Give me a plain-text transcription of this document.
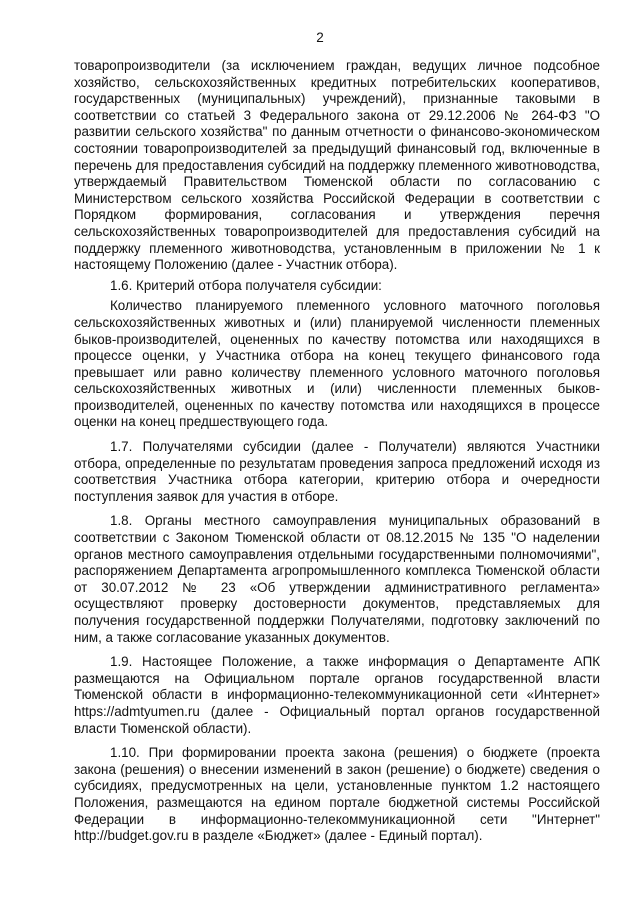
2

товаропроизводители (за исключением граждан, ведущих личное подсобное хозяйство, сельскохозяйственных кредитных потребительских кооперативов, государственных (муниципальных) учреждений), признанные таковыми в соответствии со статьей 3 Федерального закона от 29.12.2006 № 264-ФЗ "О развитии сельского хозяйства" по данным отчетности о финансово-экономическом состоянии товаропроизводителей за предыдущий финансовый год, включенные в перечень для предоставления субсидий на поддержку племенного животноводства, утверждаемый Правительством Тюменской области по согласованию с Министерством сельского хозяйства Российской Федерации в соответствии с Порядком формирования, согласования и утверждения перечня сельскохозяйственных товаропроизводителей для предоставления субсидий на поддержку племенного животноводства, установленным в приложении № 1 к настоящему Положению (далее - Участник отбора).

1.6. Критерий отбора получателя субсидии:

Количество планируемого племенного условного маточного поголовья сельскохозяйственных животных и (или) планируемой численности племенных быков-производителей, оцененных по качеству потомства или находящихся в процессе оценки, у Участника отбора на конец текущего финансового года превышает или равно количеству племенного условного маточного поголовья сельскохозяйственных животных и (или) численности племенных быков-производителей, оцененных по качеству потомства или находящихся в процессе оценки на конец предшествующего года.

1.7. Получателями субсидии (далее - Получатели) являются Участники отбора, определенные по результатам проведения запроса предложений исходя из соответствия Участника отбора категории, критерию отбора и очередности поступления заявок для участия в отборе.

1.8. Органы местного самоуправления муниципальных образований в соответствии с Законом Тюменской области от 08.12.2015 № 135 "О наделении органов местного самоуправления отдельными государственными полномочиями", распоряжением Департамента агропромышленного комплекса Тюменской области от 30.07.2012 № 23 «Об утверждении административного регламента» осуществляют проверку достоверности документов, представляемых для получения государственной поддержки Получателями, подготовку заключений по ним, а также согласование указанных документов.

1.9. Настоящее Положение, а также информация о Департаменте АПК размещаются на Официальном портале органов государственной власти Тюменской области в информационно-телекоммуникационной сети «Интернет» https://admtyumen.ru (далее - Официальный портал органов государственной власти Тюменской области).

1.10. При формировании проекта закона (решения) о бюджете (проекта закона (решения) о внесении изменений в закон (решение) о бюджете) сведения о субсидиях, предусмотренных на цели, установленные пунктом 1.2 настоящего Положения, размещаются на едином портале бюджетной системы Российской Федерации в информационно-телекоммуникационной сети "Интернет" http://budget.gov.ru в разделе «Бюджет» (далее - Единый портал).
